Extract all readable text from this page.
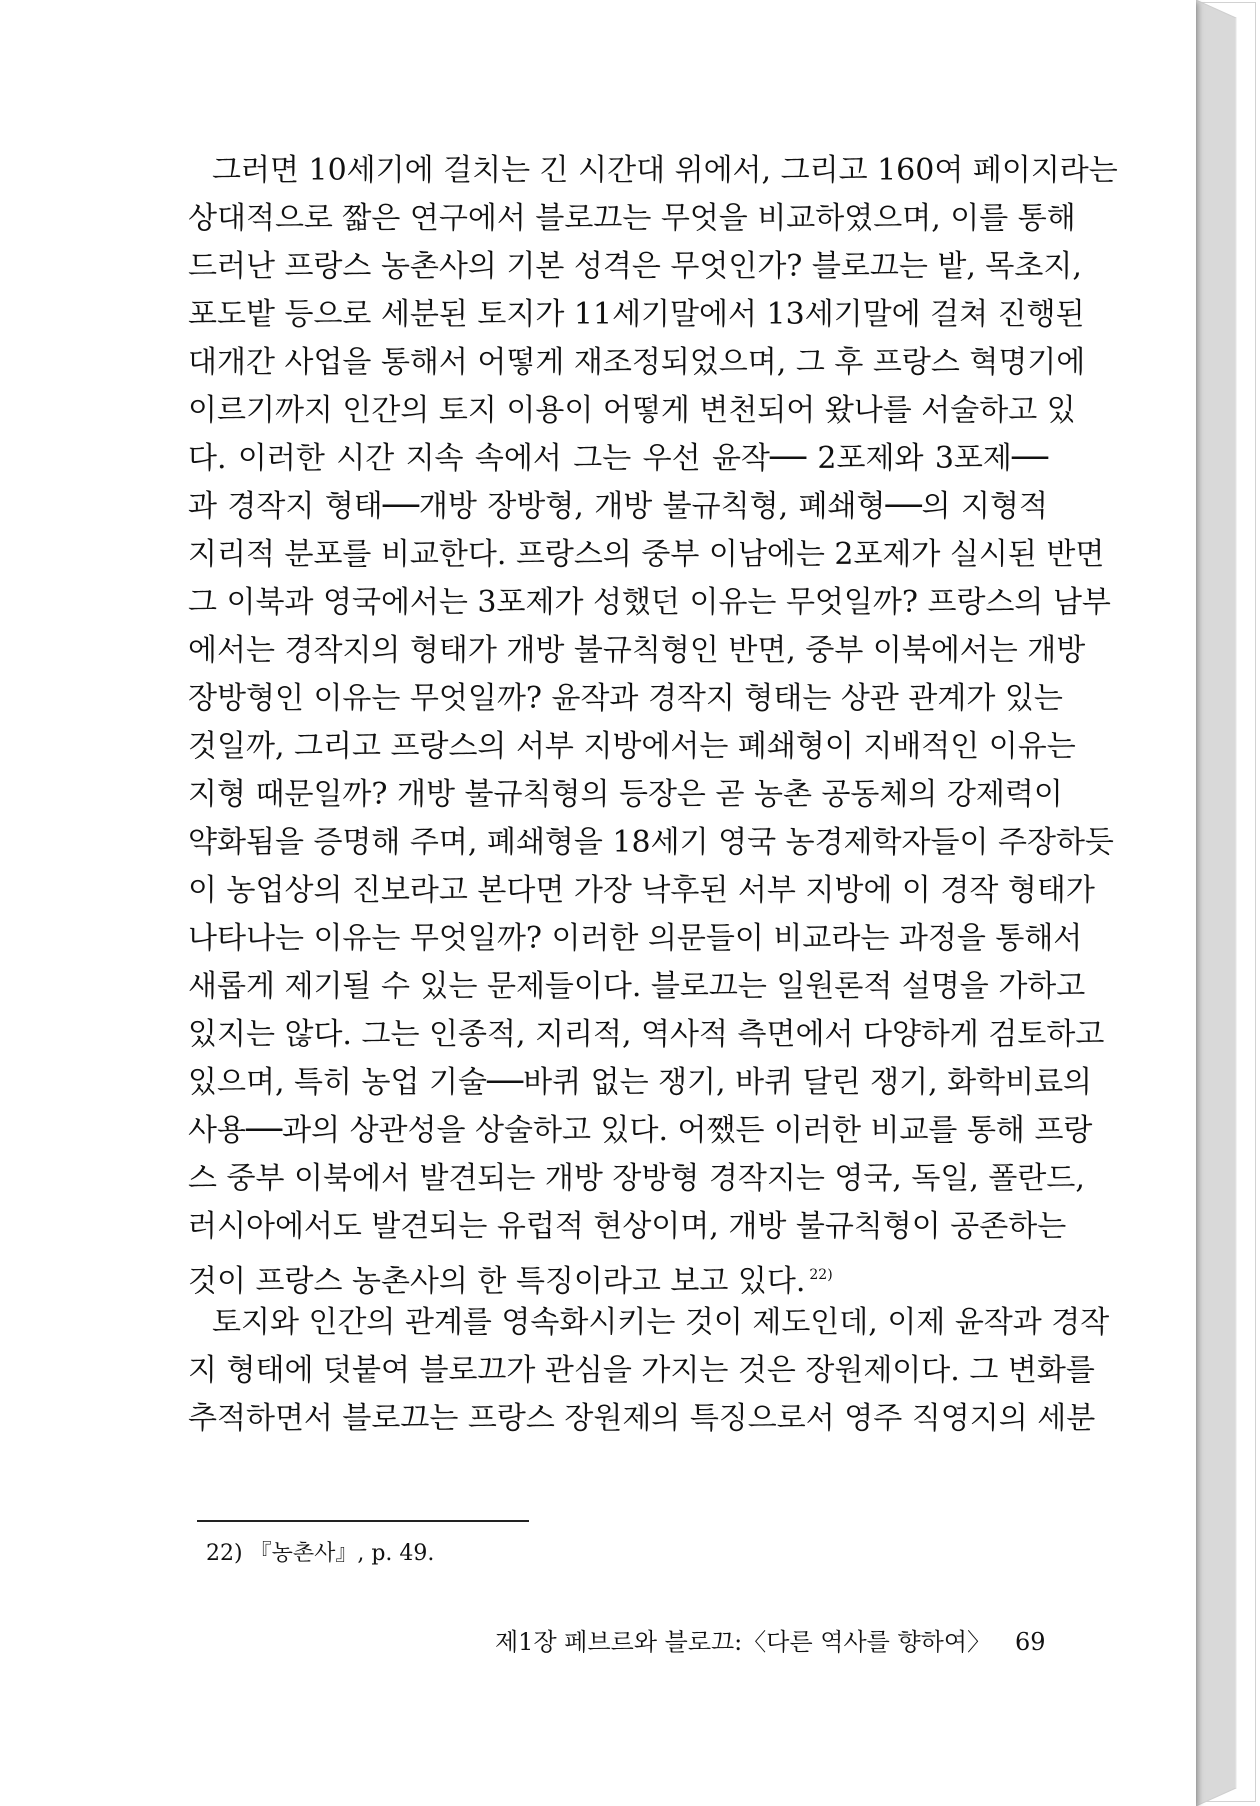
그러면 10세기에 걸치는 긴 시간대 위에서, 그리고 160여 페이지라는
상대적으로 짧은 연구에서 블로끄는 무엇을 비교하였으며, 이를 통해
드러난 프랑스 농촌사의 기본 성격은 무엇인가? 블로끄는 밭, 목초지,
포도밭 등으로 세분된 토지가 11세기말에서 13세기말에 걸쳐 진행된
대개간 사업을 통해서 어떻게 재조정되었으며, 그 후 프랑스 혁명기에
이르기까지 인간의 토지 이용이 어떻게 변천되어 왔나를 서술하고 있
다. 이러한 시간 지속 속에서 그는 우선 윤작── 2포제와 3포제──
과 경작지 형태──개방 장방형, 개방 불규칙형, 폐쇄형──의 지형적
지리적 분포를 비교한다. 프랑스의 중부 이남에는 2포제가 실시된 반면
그 이북과 영국에서는 3포제가 성했던 이유는 무엇일까? 프랑스의 남부
에서는 경작지의 형태가 개방 불규칙형인 반면, 중부 이북에서는 개방
장방형인 이유는 무엇일까? 윤작과 경작지 형태는 상관 관계가 있는
것일까, 그리고 프랑스의 서부 지방에서는 폐쇄형이 지배적인 이유는
지형 때문일까? 개방 불규칙형의 등장은 곧 농촌 공동체의 강제력이
약화됨을 증명해 주며, 폐쇄형을 18세기 영국 농경제학자들이 주장하듯
이 농업상의 진보라고 본다면 가장 낙후된 서부 지방에 이 경작 형태가
나타나는 이유는 무엇일까? 이러한 의문들이 비교라는 과정을 통해서
새롭게 제기될 수 있는 문제들이다. 블로끄는 일원론적 설명을 가하고
있지는 않다. 그는 인종적, 지리적, 역사적 측면에서 다양하게 검토하고
있으며, 특히 농업 기술──바퀴 없는 쟁기, 바퀴 달린 쟁기, 화학비료의
사용──과의 상관성을 상술하고 있다. 어쨌든 이러한 비교를 통해 프랑
스 중부 이북에서 발견되는 개방 장방형 경작지는 영국, 독일, 폴란드,
러시아에서도 발견되는 유럽적 현상이며, 개방 불규칙형이 공존하는
것이 프랑스 농촌사의 한 특징이라고 보고 있다. $^{22)}$

토지와 인간의 관계를 영속화시키는 것이 제도인데, 이제 윤작과 경작
지 형태에 덧붙여 블로끄가 관심을 가지는 것은 장원제이다. 그 변화를
추적하면서 블로끄는 프랑스 장원제의 특징으로서 영주 직영지의 세분

22) 『농촌사』, p. 49.
제1장 페브르와 블로끄:〈다른 역사를 향하여〉 69
